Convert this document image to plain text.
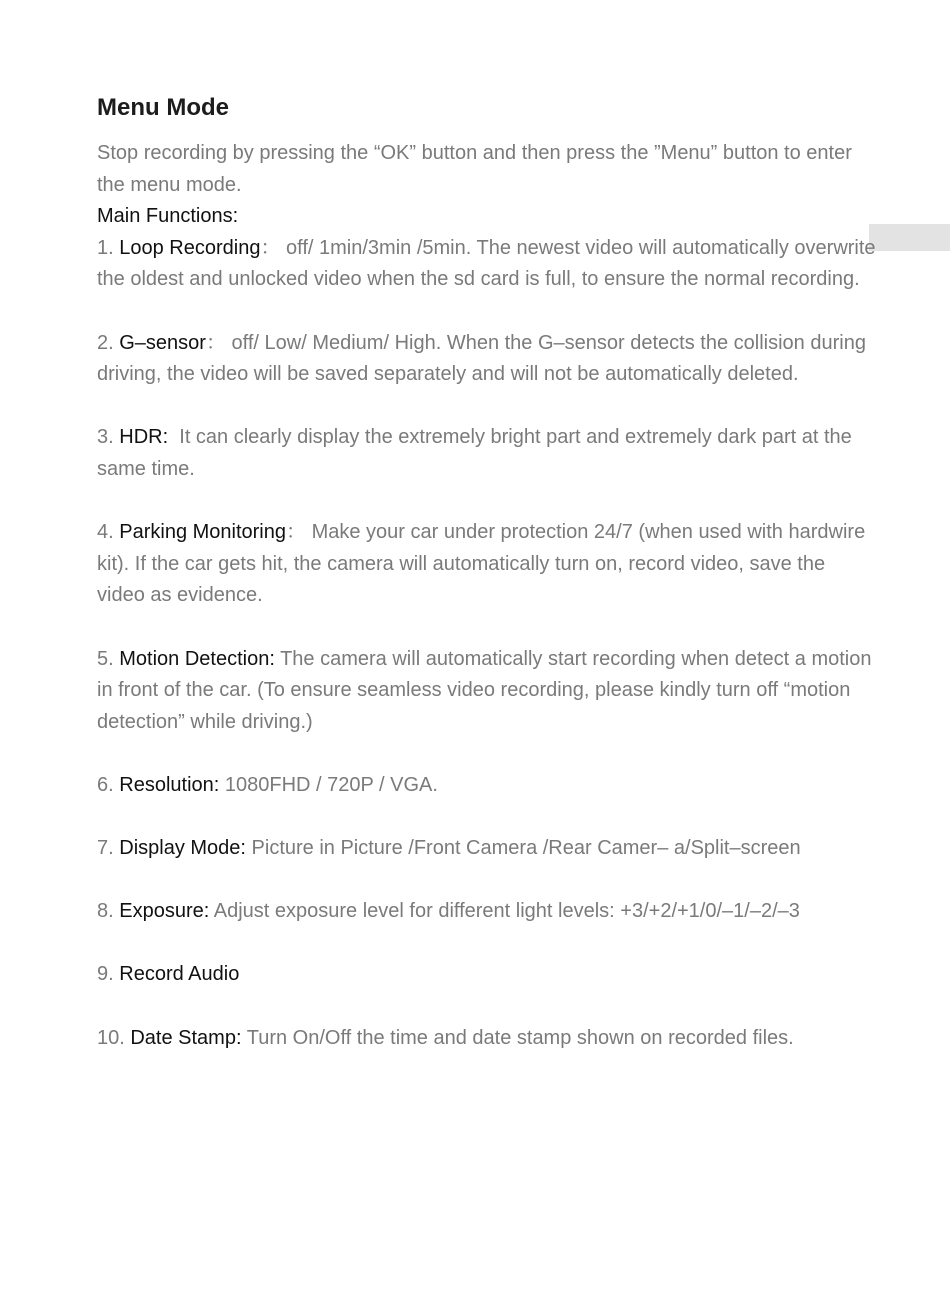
Menu Mode

Stop recording by pressing the “OK” button and then press the ”Menu” button to enter the menu mode.

Main Functions:

1. Loop Recording： off/ 1min/3min /5min. The newest video will automatically overwrite the oldest and unlocked video when the sd card is full, to ensure the normal recording.

2. G–sensor： off/ Low/ Medium/ High. When the G–sensor detects the collision during driving, the video will be saved separately and will not be automatically deleted.

3. HDR: It can clearly display the extremely bright part and extremely dark part at the same time.

4. Parking Monitoring： Make your car under protection 24/7 (when used with hardwire kit). If the car gets hit, the camera will automatically turn on, record video, save the video as evidence.

5. Motion Detection: The camera will automatically start recording when detect a motion in front of the car. (To ensure seamless video recording, please kindly turn off “motion detection” while driving.)

6. Resolution: 1080FHD / 720P / VGA.

7. Display Mode: Picture in Picture /Front Camera /Rear Camer– a/Split–screen

8. Exposure: Adjust exposure level for different light levels: +3/+2/+1/0/–1/–2/–3

9. Record Audio

10. Date Stamp: Turn On/Off the time and date stamp shown on recorded files.
